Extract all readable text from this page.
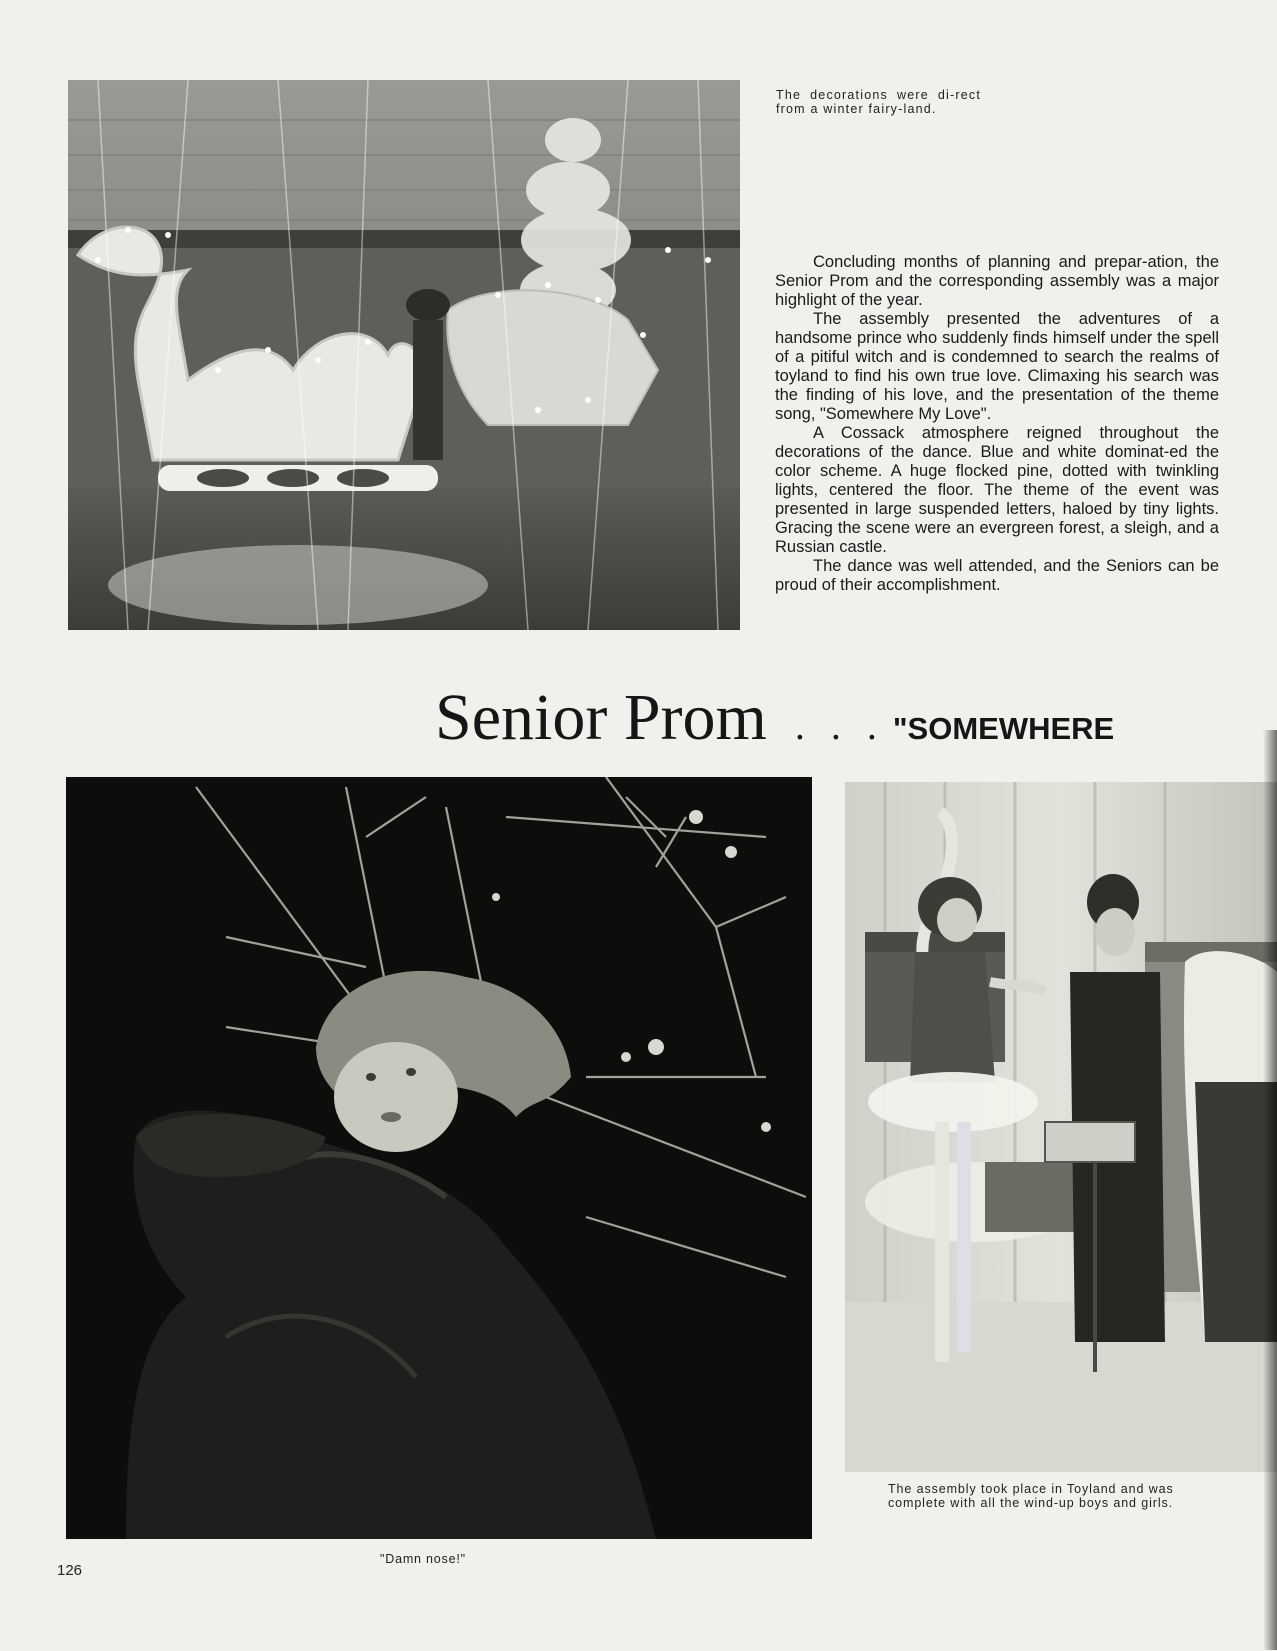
The decorations were di-rect from a winter fairy-land.

Concluding months of planning and prepar-ation, the Senior Prom and the corresponding assembly was a major highlight of the year.

The assembly presented the adventures of a handsome prince who suddenly finds himself under the spell of a pitiful witch and is condemned to search the realms of toyland to find his own true love. Climaxing his search was the finding of his love, and the presentation of the theme song, "Somewhere My Love".

A Cossack atmosphere reigned throughout the decorations of the dance. Blue and white dominat-ed the color scheme. A huge flocked pine, dotted with twinkling lights, centered the floor. The theme of the event was presented in large suspended letters, haloed by tiny lights. Gracing the scene were an evergreen forest, a sleigh, and a Russian castle.

The dance was well attended, and the Seniors can be proud of their accomplishment.

Senior Prom . . . "SOMEWHERE

"Damn nose!"

The assembly took place in Toyland and was complete with all the wind-up boys and girls.

126
